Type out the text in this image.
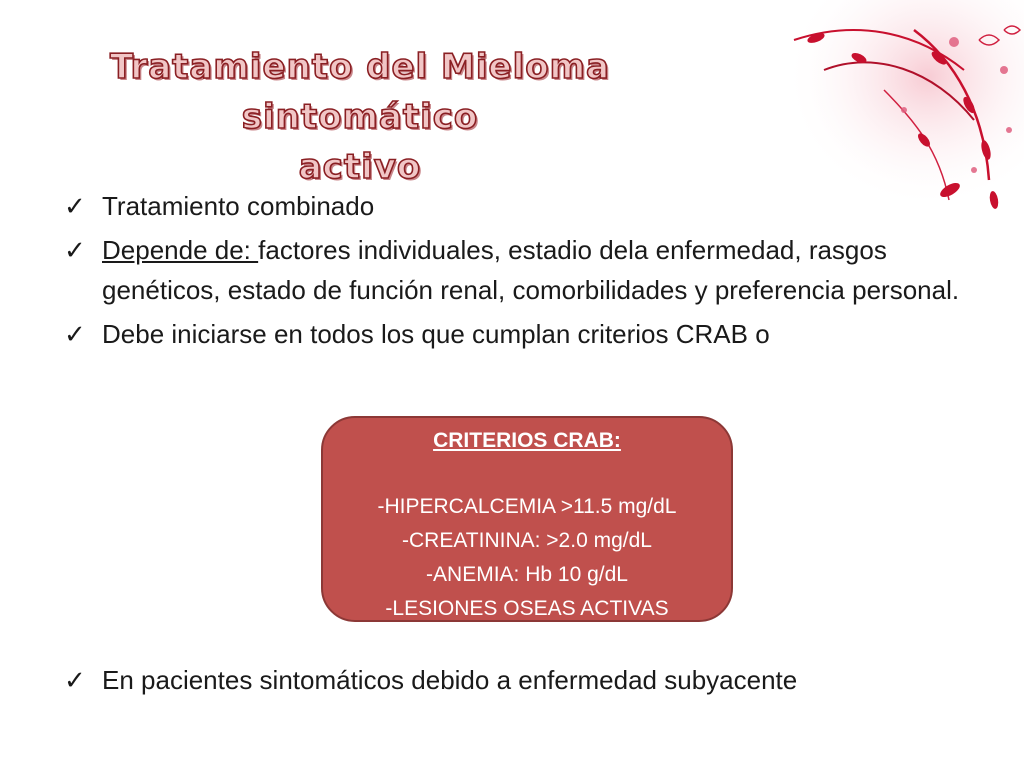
Tratamiento del Mieloma sintomático
activo
✓ Tratamiento combinado
✓ Depende de: factores individuales, estadio dela enfermedad, rasgos genéticos, estado de función renal, comorbilidades y preferencia personal.
✓ Debe iniciarse en todos los que cumplan criterios CRAB o
CRITERIOS CRAB:
-HIPERCALCEMIA >11.5 mg/dL
-CREATININA: >2.0 mg/dL
-ANEMIA: Hb 10 g/dL
-LESIONES OSEAS ACTIVAS
✓ En pacientes sintomáticos debido a enfermedad subyacente
